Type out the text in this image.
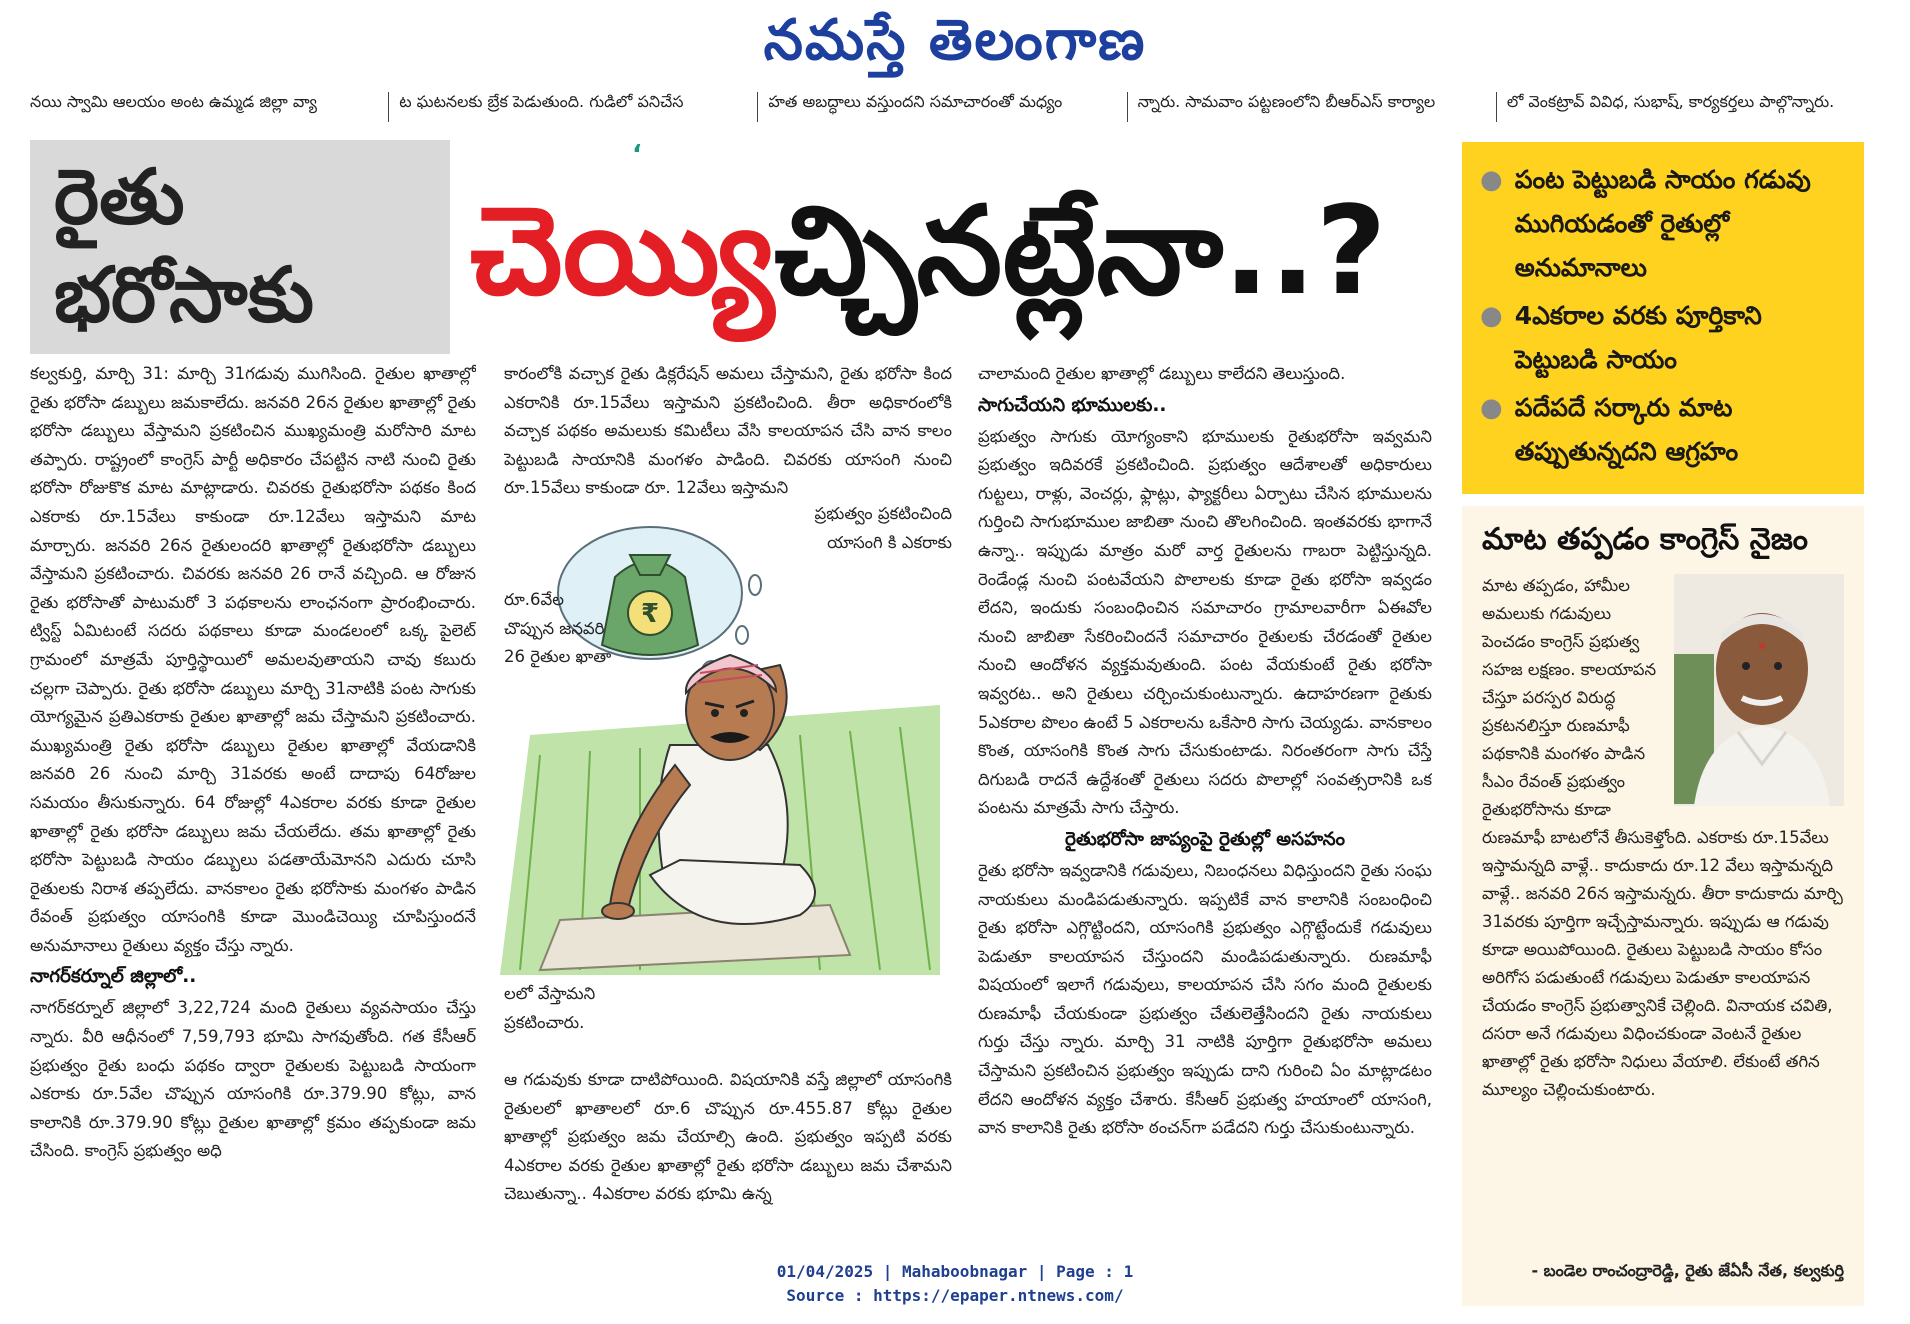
నమస్తే తెలంగాణ
నయి స్వామి ఆలయం అంట ఉమ్మడ జిల్లా వ్యా	ట ఘటనలకు బ్రేక పెడుతుంది. గుడిలో పనిచేస	హత అబద్ధాలు వస్తుందని సమాచారంతో మధ్యం	న్నారు. సామవాం పట్టణంలోని బీఆర్ఎస్ కార్యాల	లో వెంకట్రావ్ వివిధ, సుభాష్, కార్యకర్తలు పాల్గొన్నారు.
రైతు
భరోసాకు
‘
చెయ్యిచ్చినట్లేనా..?	● పంట పెట్టుబడి సాయం గడువు ముగియడంతో రైతుల్లో అనుమానాలు
● 4ఎకరాల వరకు పూర్తికాని పెట్టుబడి సాయం
● పదేపదే సర్కారు మాట తప్పుతున్నదని ఆగ్రహం
మాట తప్పడం కాంగ్రెస్ నైజం

మాట తప్పడం, హామీల అమలుకు గడువులు పెంచడం కాంగ్రెస్ ప్రభుత్వ సహజ లక్షణం. కాలయాపన చేస్తూ పరస్పర విరుద్ధ ప్రకటనలిస్తూ రుణమాఫీ పథకానికి మంగళం పాడిన సీఎం రేవంత్ ప్రభుత్వం రైతుభరోసాను కూడా రుణమాఫీ బాటలోనే తీసుకెళ్తోంది. ఎకరాకు రూ.15వేలు ఇస్తామన్నది వాళ్లే.. కాదుకాదు రూ.12 వేలు ఇస్తామన్నది వాళ్లే.. జనవరి 26న ఇస్తామన్నరు. తీరా కాదుకాదు మార్చి 31వరకు పూర్తిగా ఇచ్చేస్తామన్నారు. ఇప్పుడు ఆ గడువు కూడా అయిపోయింది. రైతులు పెట్టుబడి సాయం కోసం అరిగోస పడుతుంటే గడువులు పెడుతూ కాలయాపన చేయడం కాంగ్రెస్ ప్రభుత్వానికే చెల్లింది. వినాయక చవితి, దసరా అనే గడువులు విధించకుండా వెంటనే రైతుల ఖాతాల్లో రైతు భరోసా నిధులు వేయాలి. లేకుంటే తగిన మూల్యం చెల్లించుకుంటారు.

- బండెల రాంచంద్రారెడ్డి, రైతు జేఏసీ నేత, కల్వకుర్తి

కల్వకుర్తి, మార్చి 31: మార్చి 31గడువు ముగిసింది. రైతుల ఖాతాల్లో రైతు భరోసా డబ్బులు జమకాలేదు. జనవరి 26న రైతుల ఖాతాల్లో రైతు భరోసా డబ్బులు వేస్తామని ప్రకటించిన ముఖ్యమంత్రి మరోసారి మాట తప్పారు. రాష్ట్రంలో కాంగ్రెస్ పార్టీ అధికారం చేపట్టిన నాటి నుంచి రైతు భరోసా రోజుకొక మాట మాట్లాడారు. చివరకు రైతుభరోసా పథకం కింద ఎకరాకు రూ.15వేలు కాకుండా రూ.12వేలు ఇస్తామని మాట మార్చారు. జనవరి 26న రైతులందరి ఖాతాల్లో రైతుభరోసా డబ్బులు వేస్తామని ప్రకటించారు. చివరకు జనవరి 26 రానే వచ్చింది. ఆ రోజున రైతు భరోసాతో పాటుమరో 3 పథకాలను లాంఛనంగా ప్రారంభించారు. ట్విస్ట్ ఏమిటంటే సదరు పథకాలు కూడా మండలంలో ఒక్క పైలెట్ గ్రామంలో మాత్రమే పూర్తిస్థాయిలో అమలవుతాయని చావు కబురు చల్లగా చెప్పారు. రైతు భరోసా డబ్బులు మార్చి 31నాటికి పంట సాగుకు యోగ్యమైన ప్రతిఎకరాకు రైతుల ఖాతాల్లో జమ చేస్తామని ప్రకటించారు. ముఖ్యమంత్రి రైతు భరోసా డబ్బులు రైతుల ఖాతాల్లో వేయడానికి జనవరి 26 నుంచి మార్చి 31వరకు అంటే దాదాపు 64రోజుల సమయం తీసుకున్నారు. 64 రోజుల్లో 4ఎకరాల వరకు కూడా రైతుల ఖాతాల్లో రైతు భరోసా డబ్బులు జమ చేయలేదు. తమ ఖాతాల్లో రైతు భరోసా పెట్టుబడి సాయం డబ్బులు పడతాయేమోనని ఎదురు చూసి రైతులకు నిరాశ తప్పలేదు. వానకాలం రైతు భరోసాకు మంగళం పాడిన రేవంత్ ప్రభుత్వం యాసంగికి కూడా మొండిచెయ్యి చూపిస్తుందనే అనుమానాలు రైతులు వ్యక్తం చేస్తు న్నారు.

నాగర్‌కర్నూల్ జిల్లాలో..

నాగర్‌కర్నూల్ జిల్లాలో 3,22,724 మంది రైతులు వ్యవసాయం చేస్తు న్నారు. వీరి ఆధీనంలో 7,59,793 భూమి సాగవుతోంది. గత కేసీఆర్ ప్రభుత్వం రైతు బంధు పథకం ద్వారా రైతులకు పెట్టుబడి సాయంగా ఎకరాకు రూ.5వేల చొప్పున యాసంగికి రూ.379.90 కోట్లు, వాన కాలానికి రూ.379.90 కోట్లు రైతుల ఖాతాల్లో క్రమం తప్పకుండా జమ చేసింది. కాంగ్రెస్ ప్రభుత్వం అధి

కారంలోకి వచ్చాక రైతు డిక్లరేషన్ అమలు చేస్తామని, రైతు భరోసా కింద ఎకరానికి రూ.15వేలు ఇస్తామని ప్రకటించింది. తీరా అధికారంలోకి వచ్చాక పథకం అమలుకు కమిటీలు వేసి కాలయాపన చేసి వాన కాలం పెట్టుబడి సాయానికి మంగళం పాడింది. చివరకు యాసంగి నుంచి రూ.15వేలు కాకుండా రూ. 12వేలు ఇస్తామని

ప్రభుత్వం ప్రకటించింది యాసంగి కి ఎకరాకు

రూ.6వేల చొప్పున జనవరి 26 రైతుల ఖాతా

₹

లలో వేస్తామని ప్రకటించారు.

ఆ గడువుకు కూడా దాటిపోయింది. విషయానికి వస్తే జిల్లాలో యాసంగికి రైతులలో ఖాతాలలో రూ.6 చొప్పున రూ.455.87 కోట్లు రైతుల ఖాతాల్లో ప్రభుత్వం జమ చేయాల్సి ఉంది. ప్రభుత్వం ఇప్పటి వరకు 4ఎకరాల వరకు రైతుల ఖాతాల్లో రైతు భరోసా డబ్బులు జమ చేశామని చెబుతున్నా.. 4ఎకరాల వరకు భూమి ఉన్న

చాలామంది రైతుల ఖాతాల్లో డబ్బులు కాలేదని తెలుస్తుంది.

సాగుచేయని భూములకు..

ప్రభుత్వం సాగుకు యోగ్యంకాని భూములకు రైతుభరోసా ఇవ్వమని ప్రభుత్వం ఇదివరకే ప్రకటించింది. ప్రభుత్వం ఆదేశాలతో అధికారులు గుట్టలు, రాళ్లు, వెంచర్లు, ఫ్లాట్లు, ఫ్యాక్టరీలు ఏర్పాటు చేసిన భూములను గుర్తించి సాగుభూముల జాబితా నుంచి తొలగించింది. ఇంతవరకు భాగానే ఉన్నా.. ఇప్పుడు మాత్రం మరో వార్త రైతులను గాబరా పెట్టిస్తున్నది. రెండేండ్ల నుంచి పంటవేయని పొలాలకు కూడా రైతు భరోసా ఇవ్వడం లేదని, ఇందుకు సంబంధించిన సమాచారం గ్రామాలవారీగా ఏఈవోల నుంచి జాబితా సేకరించిందనే సమాచారం రైతులకు చేరడంతో రైతుల నుంచి ఆందోళన వ్యక్తమవుతుంది. పంట వేయకుంటే రైతు భరోసా ఇవ్వరట.. అని రైతులు చర్చించుకుంటున్నారు. ఉదాహరణగా రైతుకు 5ఎకరాల పొలం ఉంటే 5 ఎకరాలను ఒకేసారి సాగు చెయ్యడు. వానకాలం కొంత, యాసంగికి కొంత సాగు చేసుకుంటాడు. నిరంతరంగా సాగు చేస్తే దిగుబడి రాదనే ఉద్దేశంతో రైతులు సదరు పొలాల్లో సంవత్సరానికి ఒక పంటను మాత్రమే సాగు చేస్తారు.

రైతుభరోసా జాప్యంపై రైతుల్లో అసహనం

రైతు భరోసా ఇవ్వడానికి గడువులు, నిబంధనలు విధిస్తుందని రైతు సంఘ నాయకులు మండిపడుతున్నారు. ఇప్పటికే వాన కాలానికి సంబంధించి రైతు భరోసా ఎగ్గొట్టిందని, యాసంగికి ప్రభుత్వం ఎగ్గొట్టేందుకే గడువులు పెడుతూ కాలయాపన చేస్తుందని మండిపడుతున్నారు. రుణమాఫీ విషయంలో ఇలాగే గడువులు, కాలయాపన చేసి సగం మంది రైతులకు రుణమాఫీ చేయకుండా ప్రభుత్వం చేతులెత్తేసిందని రైతు నాయకులు గుర్తు చేస్తు న్నారు. మార్చి 31 నాటికి పూర్తిగా రైతుభరోసా అమలు చేస్తామని ప్రకటించిన ప్రభుత్వం ఇప్పుడు దాని గురించి ఏం మాట్లాడటం లేదని ఆందోళన వ్యక్తం చేశారు. కేసీఆర్ ప్రభుత్వ హయాంలో యాసంగి, వాన కాలానికి రైతు భరోసా ఠంచన్‌గా పడేదని గుర్తు చేసుకుంటున్నారు.

01/04/2025 | Mahaboobnagar | Page : 1
Source : https://epaper.ntnews.com/
